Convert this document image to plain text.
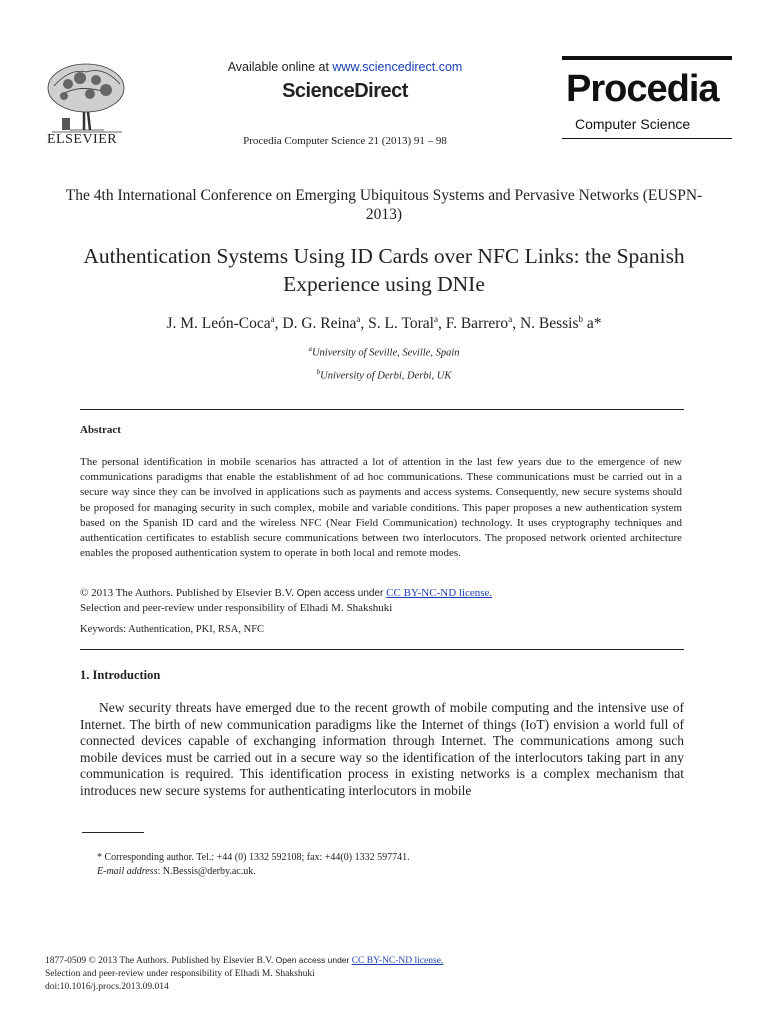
ELSEVIER
Available online at www.sciencedirect.com
ScienceDirect
Procedia Computer Science 21 (2013) 91 – 98
Procedia
Computer Science
The 4th International Conference on Emerging Ubiquitous Systems and Pervasive Networks (EUSPN-2013)
Authentication Systems Using ID Cards over NFC Links: the Spanish Experience using DNIe
J. M. León-Coca$^a$, D. G. Reina$^a$, S. L. Toral$^a$, F. Barrero$^a$, N. Bessis$^b$ a*
$^a$University of Seville, Seville, Spain
$^b$University of Derbi, Derbi, UK
Abstract
The personal identification in mobile scenarios has attracted a lot of attention in the last few years due to the emergence of new communications paradigms that enable the establishment of ad hoc communications. These communications must be carried out in a secure way since they can be involved in applications such as payments and access systems. Consequently, new secure systems should be proposed for managing security in such complex, mobile and variable conditions. This paper proposes a new authentication system based on the Spanish ID card and the wireless NFC (Near Field Communication) technology. It uses cryptography techniques and authentication certificates to establish secure communications between two interlocutors. The proposed network oriented architecture enables the proposed authentication system to operate in both local and remote modes.
© 2013 The Authors. Published by Elsevier B.V. Open access under CC BY-NC-ND license.
Selection and peer-review under responsibility of Elhadi M. Shakshuki
Keywords: Authentication, PKI, RSA, NFC
1. Introduction
New security threats have emerged due to the recent growth of mobile computing and the intensive use of Internet. The birth of new communication paradigms like the Internet of things (IoT) envision a world full of connected devices capable of exchanging information through Internet. The communications among such mobile devices must be carried out in a secure way so the identification of the interlocutors taking part in any communication is required. This identification process in existing networks is a complex mechanism that introduces new secure systems for authenticating interlocutors in mobile
* Corresponding author. Tel.: +44 (0) 1332 592108; fax: +44(0) 1332 597741.
E-mail address: N.Bessis@derby.ac.uk.
1877-0509 © 2013 The Authors. Published by Elsevier B.V. Open access under CC BY-NC-ND license.
Selection and peer-review under responsibility of Elhadi M. Shakshuki
doi:10.1016/j.procs.2013.09.014
